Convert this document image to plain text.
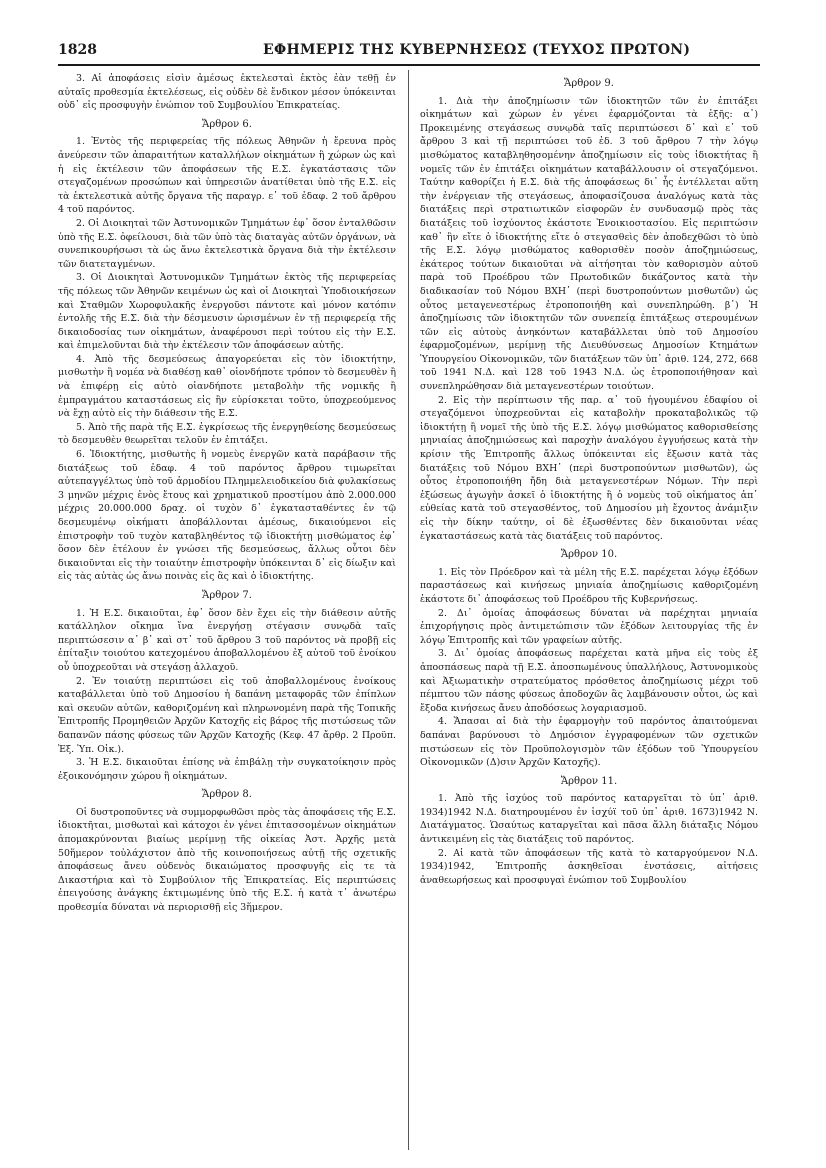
1828	ΕΦΗΜΕΡΙΣ ΤΗΣ ΚΥΒΕΡΝΗΣΕΩΣ (ΤΕΥΧΟΣ ΠΡΩΤΟΝ)

3. Αἱ ἀποφάσεις εἰσὶν ἀμέσως ἐκτελεσταὶ ἐκτὸς ἐὰν τεθῇ ἐν αὐταῖς προθεσμία ἐκτελέσεως, εἰς οὐδὲν δὲ ἔνδικον μέσον ὑπόκεινται οὐδ᾽ εἰς προσφυγὴν ἐνώπιον τοῦ Συμβουλίου Ἐπικρατείας.

Ἄρθρον 6.

1. Ἐντὸς τῆς περιφερείας τῆς πόλεως Ἀθηνῶν ἡ ἔρευνα πρὸς ἀνεύρεσιν τῶν ἀπαραιτήτων καταλλήλων οἰκημάτων ἢ χώρων ὡς καὶ ἡ εἰς ἐκτέλεσιν τῶν ἀποφάσεων τῆς Ε.Σ. ἐγκατάστασις τῶν στεγαζομένων προσώπων καὶ ὑπηρεσιῶν ἀνατίθεται ὑπὸ τῆς Ε.Σ. εἰς τὰ ἐκτελεστικὰ αὐτῆς ὄργανα τῆς παραγρ. ε᾽ τοῦ ἐδαφ. 2 τοῦ ἄρθρου 4 τοῦ παρόντος.

2. Οἱ Διοικηταὶ τῶν Ἀστυνομικῶν Τμημάτων ἐφ᾽ ὅσον ἐνταλθῶσιν ὑπὸ τῆς Ε.Σ. ὀφείλουσι, διὰ τῶν ὑπὸ τὰς διαταγὰς αὐτῶν ὀργάνων, νὰ συνεπικουρήσωσι τὰ ὡς ἄνω ἐκτελεστικὰ ὄργανα διὰ τὴν ἐκτέλεσιν τῶν διατεταγμένων.

3. Οἱ Διοικηταὶ Ἀστυνομικῶν Τμημάτων ἐκτὸς τῆς περιφερείας τῆς πόλεως τῶν Ἀθηνῶν κειμένων ὡς καὶ οἱ Διοικηταὶ Ὑποδιοικήσεων καὶ Σταθμῶν Χωροφυλακῆς ἐνεργοῦσι πάντοτε καὶ μόνον κατόπιν ἐντολῆς τῆς Ε.Σ. διὰ τὴν δέσμευσιν ὡρισμένων ἐν τῇ περιφερείᾳ τῆς δικαιοδοσίας των οἰκημάτων, ἀναφέρουσι περὶ τούτου εἰς τὴν Ε.Σ. καὶ ἐπιμελοῦνται διὰ τὴν ἐκτέλεσιν τῶν ἀποφάσεων αὐτῆς.

4. Ἀπὸ τῆς δεσμεύσεως ἀπαγορεύεται εἰς τὸν ἰδιοκτήτην, μισθωτὴν ἢ νομέα νὰ διαθέσῃ καθ᾽ οἱονδήποτε τρόπον τὸ δεσμευθὲν ἢ νὰ ἐπιφέρῃ εἰς αὐτὸ οἱανδήποτε μεταβολὴν τῆς νομικῆς ἢ ἐμπραγμάτου καταστάσεως εἰς ἣν εὑρίσκεται τοῦτο, ὑποχρεούμενος νὰ ἔχῃ αὐτὸ εἰς τὴν διάθεσιν τῆς Ε.Σ.

5. Ἀπὸ τῆς παρὰ τῆς Ε.Σ. ἐγκρίσεως τῆς ἐνεργηθείσης δεσμεύσεως τὸ δεσμευθὲν θεωρεῖται τελοῦν ἐν ἐπιτάξει.

6. Ἰδιοκτήτης, μισθωτὴς ἢ νομεὺς ἐνεργῶν κατὰ παράβασιν τῆς διατάξεως τοῦ ἐδαφ. 4 τοῦ παρόντος ἄρθρου τιμωρεῖται αὐτεπαγγέλτως ὑπὸ τοῦ ἁρμοδίου Πλημμελειοδικείου διὰ φυλακίσεως 3 μηνῶν μέχρις ἑνὸς ἔτους καὶ χρηματικοῦ προστίμου ἀπὸ 2.000.000 μέχρις 20.000.000 δραχ. οἱ τυχὸν δ᾽ ἐγκατασταθέντες ἐν τῷ δεσμευμένῳ οἰκήματι ἀποβάλλονται ἀμέσως, δικαιούμενοι εἰς ἐπιστροφὴν τοῦ τυχὸν καταβληθέντος τῷ ἰδιοκτήτῃ μισθώματος ἐφ᾽ ὅσον δὲν ἐτέλουν ἐν γνώσει τῆς δεσμεύσεως, ἄλλως οὗτοι δὲν δικαιοῦνται εἰς τὴν τοιαύτην ἐπιστροφὴν ὑπόκεινται δ᾽ εἰς δίωξιν καὶ εἰς τὰς αὐτὰς ὡς ἄνω ποινὰς εἰς ἃς καὶ ὁ ἰδιοκτήτης.

Ἄρθρον 7.

1. Ἡ Ε.Σ. δικαιοῦται, ἐφ᾽ ὅσον δὲν ἔχει εἰς τὴν διάθεσιν αὐτῆς κατάλληλον οἴκημα ἵνα ἐνεργήσῃ στέγασιν συνῳδὰ ταῖς περιπτώσεσιν α᾽ β᾽ καὶ στ᾽ τοῦ ἄρθρου 3 τοῦ παρόντος νὰ προβῇ εἰς ἐπίταξιν τοιούτου κατεχομένου ἀποβαλλομένου ἐξ αὐτοῦ τοῦ ἐνοίκου οὗ ὑποχρεοῦται νὰ στεγάσῃ ἀλλαχοῦ.

2. Ἐν τοιαύτῃ περιπτώσει εἰς τοῦ ἀποβαλλομένους ἐνοίκους καταβάλλεται ὑπὸ τοῦ Δημοσίου ἡ δαπάνη μεταφορᾶς τῶν ἐπίπλων καὶ σκευῶν αὐτῶν, καθοριζομένη καὶ πληρωνομένη παρὰ τῆς Τοπικῆς Ἐπιτροπῆς Προμηθειῶν Ἀρχῶν Κατοχῆς εἰς βάρος τῆς πιστώσεως τῶν δαπανῶν πάσης φύσεως τῶν Ἀρχῶν Κατοχῆς (Κεφ. 47 ἄρθρ. 2 Προϋπ. Ἐξ. Ὑπ. Οἰκ.).

3. Ἡ Ε.Σ. δικαιοῦται ἐπίσης νὰ ἐπιβάλῃ τὴν συγκατοίκησιν πρὸς ἐξοικονόμησιν χώρου ἢ οἰκημάτων.

Ἄρθρον 8.

Οἱ δυστροποῦντες νὰ συμμορφωθῶσι πρὸς τὰς ἀποφάσεις τῆς Ε.Σ. ἰδιοκτῆται, μισθωταὶ καὶ κάτοχοι ἐν γένει ἐπιτασσομένων οἰκημάτων ἀπομακρύνονται βιαίως μερίμνῃ τῆς οἰκείας Ἀστ. Ἀρχῆς μετὰ 50ἥμερον τοὐλάχιστον ἀπὸ τῆς κοινοποιήσεως αὐτῇ τῆς σχετικῆς ἀποφάσεως ἄνευ οὐδενὸς δικαιώματος προσφυγῆς εἰς τε τὰ Δικαστήρια καὶ τὸ Συμβούλιον τῆς Ἐπικρατείας. Εἰς περιπτώσεις ἐπειγούσης ἀνάγκης ἐκτιμωμένης ὑπὸ τῆς Ε.Σ. ἡ κατὰ τ᾽ ἀνωτέρω προθεσμία δύναται νὰ περιορισθῇ εἰς 3ἥμερον.

Ἄρθρον 9.

1. Διὰ τὴν ἀποζημίωσιν τῶν ἰδιοκτητῶν τῶν ἐν ἐπιτάξει οἰκημάτων καὶ χώρων ἐν γένει ἐφαρμόζονται τὰ ἑξῆς: α᾽) Προκειμένης στεγάσεως συνῳδὰ ταῖς περιπτώσεσι δ᾽ καὶ ε᾽ τοῦ ἄρθρου 3 καὶ τῇ περιπτώσει τοῦ ἐδ. 3 τοῦ ἄρθρου 7 τὴν λόγῳ μισθώματος καταβληθησομένην ἀποζημίωσιν εἰς τοὺς ἰδιοκτήτας ἢ νομεῖς τῶν ἐν ἐπιτάξει οἰκημάτων καταβάλλουσιν οἱ στεγαζόμενοι. Ταύτην καθορίζει ἡ Ε.Σ. διὰ τῆς ἀποφάσεως δι᾽ ἧς ἐντέλλεται αὕτη τὴν ἐνέργειαν τῆς στεγάσεως, ἀποφασίζουσα ἀναλόγως κατὰ τὰς διατάξεις περὶ στρατιωτικῶν εἰσφορῶν ἐν συνδυασμῷ πρὸς τὰς διατάξεις τοῦ ἰσχύοντος ἑκάστοτε Ἐνοικιοστασίου. Εἰς περιπτώσιν καθ᾽ ἣν εἴτε ὁ ἰδιοκτήτης εἴτε ὁ στεγασθεὶς δὲν ἀποδεχθῶσι τὸ ὑπὸ τῆς Ε.Σ. λόγῳ μισθώματος καθορισθὲν ποσὸν ἀποζημιώσεως, ἑκάτερος τούτων δικαιοῦται νὰ αἰτήσηται τὸν καθορισμὸν αὐτοῦ παρὰ τοῦ Προέδρου τῶν Πρωτοδικῶν δικάζοντος κατὰ τὴν διαδικασίαν τοῦ Νόμου ΒΧΗ᾽ (περὶ δυστροπούντων μισθωτῶν) ὡς οὗτος μεταγενεστέρως ἐτροποποιήθη καὶ συνεπληρώθη. β᾽) Ἡ ἀποζημίωσις τῶν ἰδιοκτητῶν τῶν συνεπείᾳ ἐπιτάξεως στερουμένων τῶν εἰς αὐτοὺς ἀνηκόντων καταβάλλεται ὑπὸ τοῦ Δημοσίου ἐφαρμοζομένων, μερίμνῃ τῆς Διευθύνσεως Δημοσίων Κτημάτων Ὑπουργείου Οἰκονομικῶν, τῶν διατάξεων τῶν ὑπ᾽ ἀριθ. 124, 272, 668 τοῦ 1941 Ν.Δ. καὶ 128 τοῦ 1943 Ν.Δ. ὡς ἐτροποποιήθησαν καὶ συνεπληρώθησαν διὰ μεταγενεστέρων τοιούτων.

2. Εἰς τὴν περίπτωσιν τῆς παρ. α᾽ τοῦ ἡγουμένου ἐδαφίου οἱ στεγαζόμενοι ὑποχρεοῦνται εἰς καταβολὴν προκαταβολικῶς τῷ ἰδιοκτήτῃ ἢ νομεῖ τῆς ὑπὸ τῆς Ε.Σ. λόγῳ μισθώματος καθορισθείσης μηνιαίας ἀποζημιώσεως καὶ παροχὴν ἀναλόγου ἐγγυήσεως κατὰ τὴν κρίσιν τῆς Ἐπιτροπῆς ἄλλως ὑπόκεινται εἰς ἔξωσιν κατὰ τὰς διατάξεις τοῦ Νόμου ΒΧΗ᾽ (περὶ δυστροπούντων μισθωτῶν), ὡς οὗτος ἐτροποποιήθη ἤδη διὰ μεταγενεστέρων Νόμων. Τὴν περὶ ἐξώσεως ἀγωγὴν ἀσκεῖ ὁ ἰδιοκτήτης ἢ ὁ νομεὺς τοῦ οἰκήματος ἀπ᾽ εὐθείας κατὰ τοῦ στεγασθέντος, τοῦ Δημοσίου μὴ ἔχοντος ἀνάμιξιν εἰς τὴν δίκην ταύτην, οἱ δὲ ἐξωσθέντες δὲν δικαιοῦνται νέας ἐγκαταστάσεως κατὰ τὰς διατάξεις τοῦ παρόντος.

Ἄρθρον 10.

1. Εἰς τὸν Πρόεδρον καὶ τὰ μέλη τῆς Ε.Σ. παρέχεται λόγῳ ἐξόδων παραστάσεως καὶ κινήσεως μηνιαία ἀποζημίωσις καθοριζομένη ἑκάστοτε δι᾽ ἀποφάσεως τοῦ Προέδρου τῆς Κυβερνήσεως.

2. Δι᾽ ὁμοίας ἀποφάσεως δύναται νὰ παρέχηται μηνιαία ἐπιχορήγησις πρὸς ἀντιμετώπισιν τῶν ἐξόδων λειτουργίας τῆς ἐν λόγῳ Ἐπιτροπῆς καὶ τῶν γραφείων αὐτῆς.

3. Δι᾽ ὁμοίας ἀποφάσεως παρέχεται κατὰ μῆνα εἰς τοὺς ἐξ ἀποσπάσεως παρὰ τῇ Ε.Σ. ἀποσπωμένους ὑπαλλήλους, Ἀστυνομικοὺς καὶ Ἀξιωματικὴν στρατεύματος πρόσθετος ἀποζημίωσις μέχρι τοῦ πέμπτου τῶν πάσης φύσεως ἀποδοχῶν ἃς λαμβάνουσιν οὗτοι, ὡς καὶ ἔξοδα κινήσεως ἄνευ ἀποδόσεως λογαριασμοῦ.

4. Ἅπασαι αἱ διὰ τὴν ἐφαρμογὴν τοῦ παρόντος ἀπαιτούμεναι δαπάναι βαρύνουσι τὸ Δημόσιον ἐγγραφομένων τῶν σχετικῶν πιστώσεων εἰς τὸν Προϋπολογισμὸν τῶν ἐξόδων τοῦ Ὑπουργείου Οἰκονομικῶν (Δ)σιν Ἀρχῶν Κατοχῆς).

Ἄρθρον 11.

1. Ἀπὸ τῆς ἰσχύος τοῦ παρόντος καταργεῖται τὸ ὑπ᾽ ἀριθ. 1934)1942 Ν.Δ. διατηρουμένου ἐν ἰσχύϊ τοῦ ὑπ᾽ ἀριθ. 1673)1942 Ν. Διατάγματος. Ὡσαύτως καταργεῖται καὶ πᾶσα ἄλλη διάταξις Νόμου ἀντικειμένη εἰς τὰς διατάξεις τοῦ παρόντος.

2. Αἱ κατὰ τῶν ἀποφάσεων τῆς κατὰ τὸ καταργούμενον Ν.Δ. 1934)1942, Ἐπιτροπῆς ἀσκηθεῖσαι ἐνστάσεις, αἰτήσεις ἀναθεωρήσεως καὶ προσφυγαὶ ἐνώπιον τοῦ Συμβουλίου
